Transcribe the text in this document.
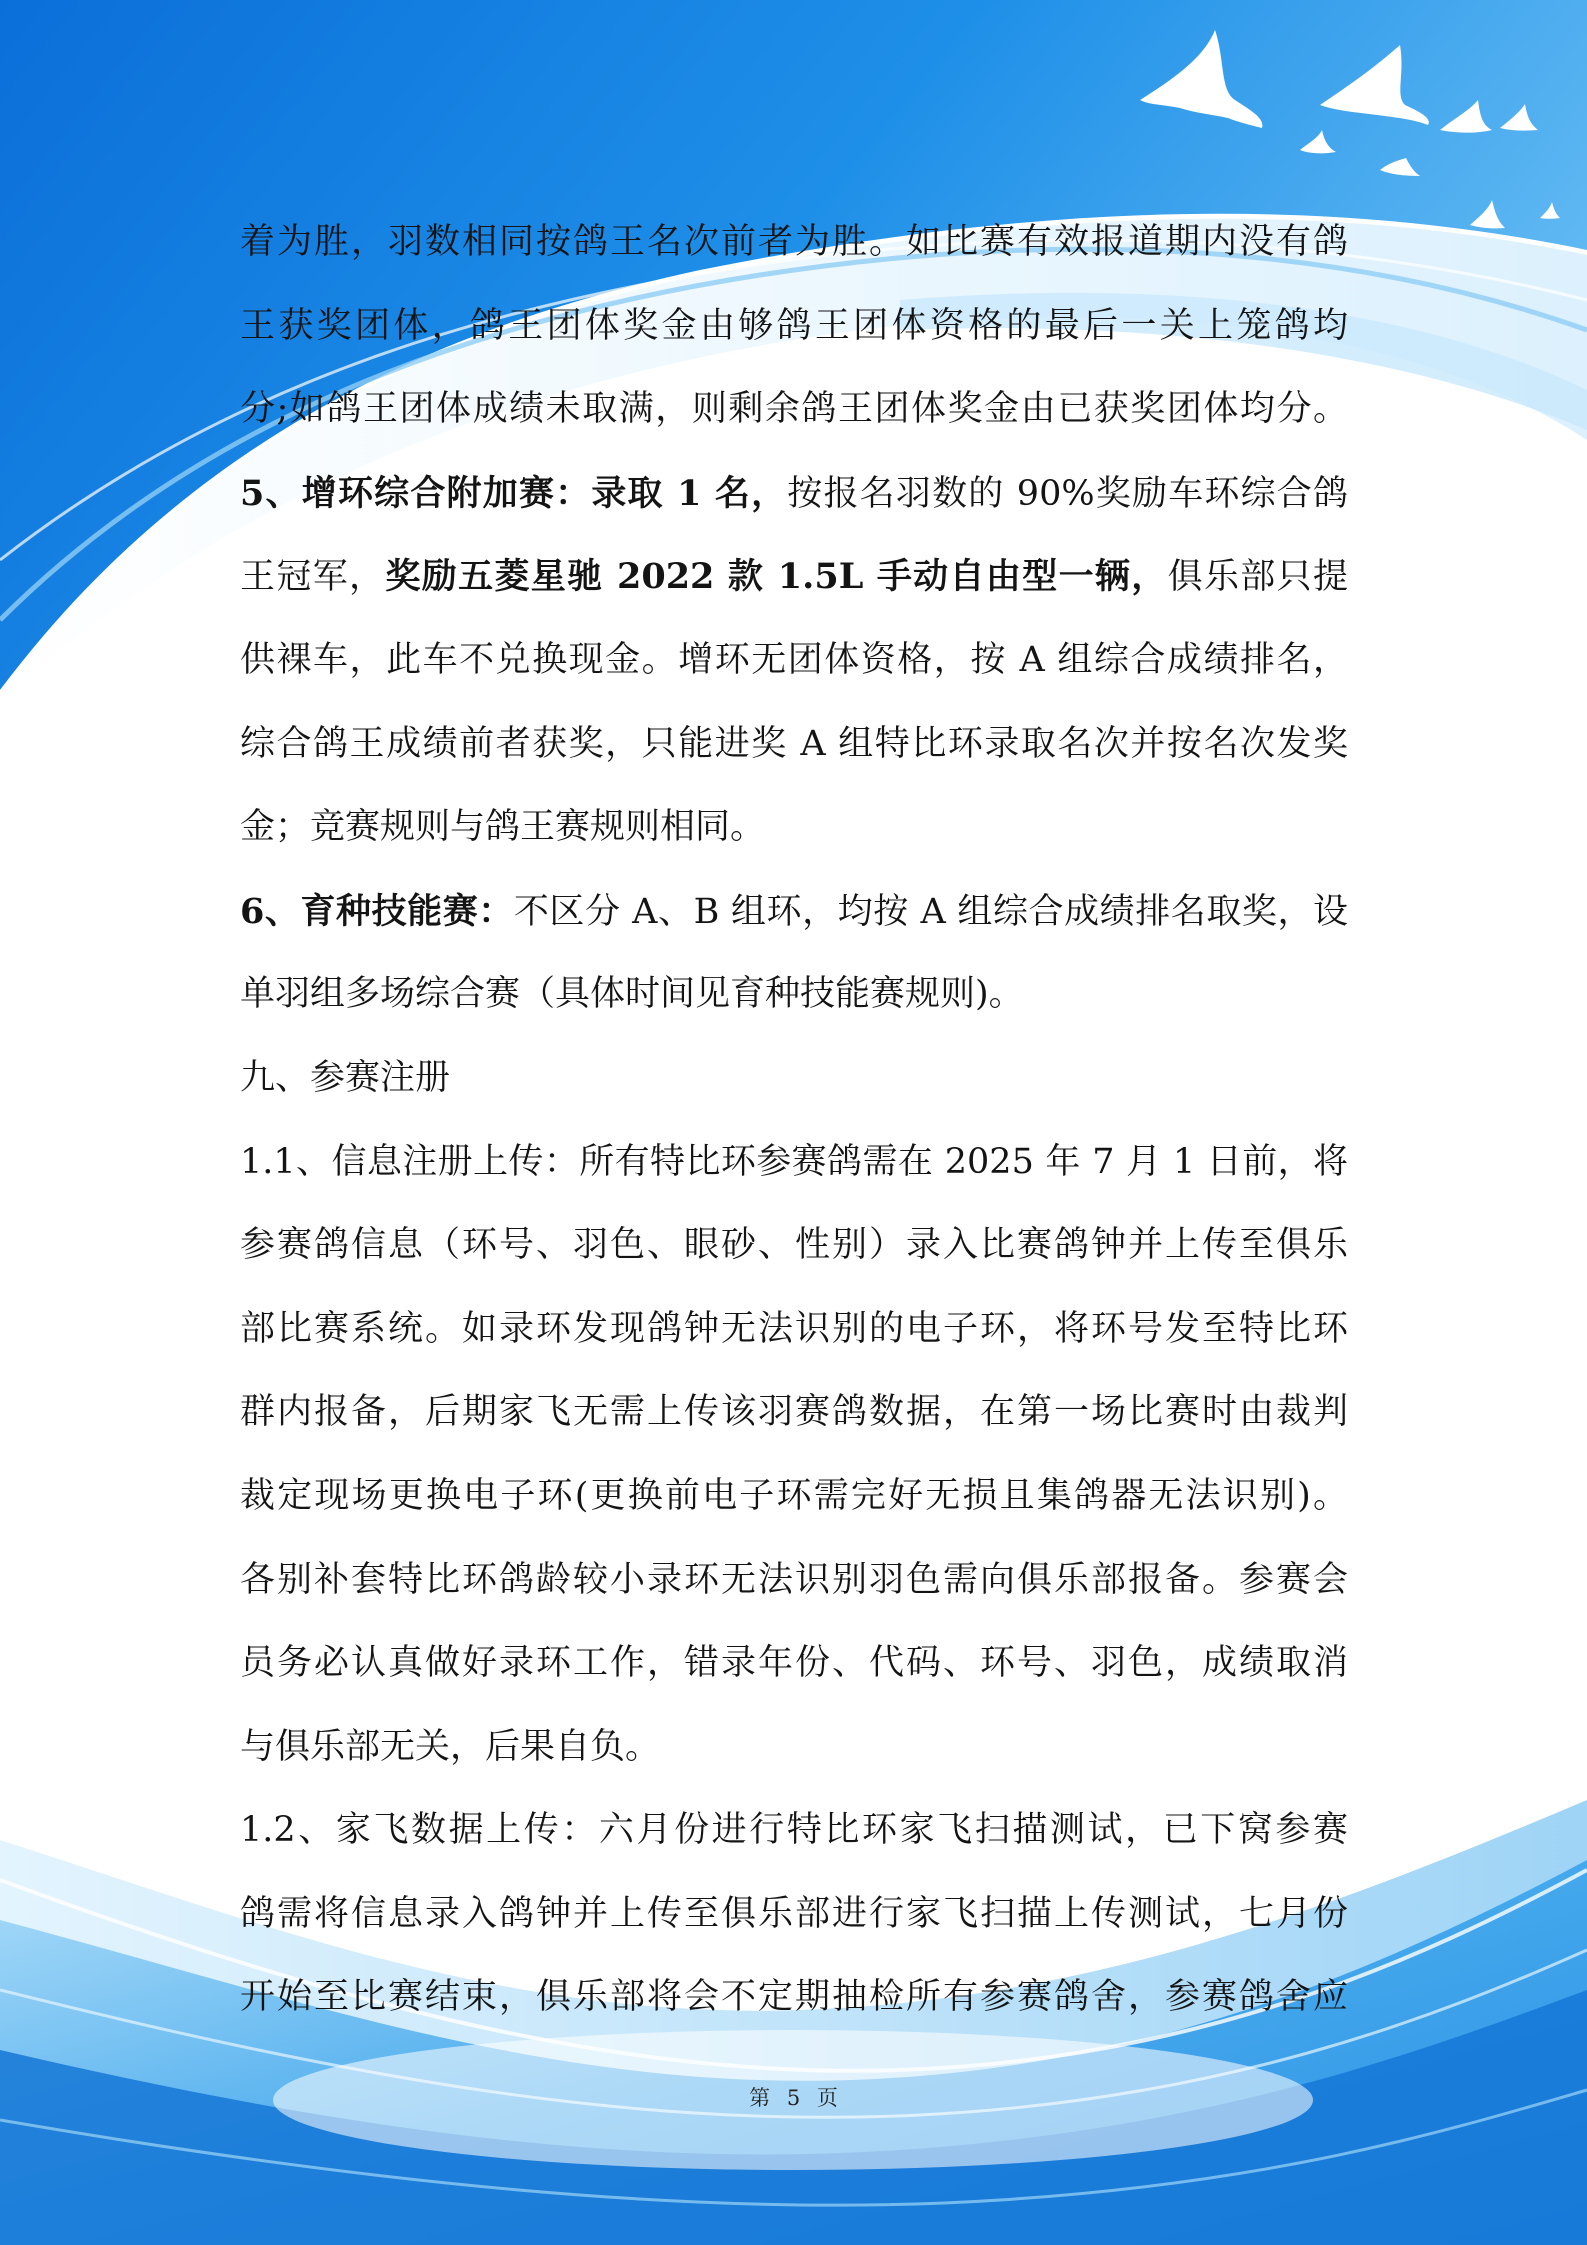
着为胜，羽数相同按鸽王名次前者为胜。如比赛有效报道期内没有鸽
王获奖团体，鸽王团体奖金由够鸽王团体资格的最后一关上笼鸽均
分;如鸽王团体成绩未取满，则剩余鸽王团体奖金由已获奖团体均分。
5、增环综合附加赛：录取 1 名，按报名羽数的 90%奖励车环综合鸽
王冠军，奖励五菱星驰 2022 款 1.5L 手动自由型一辆，俱乐部只提
供裸车，此车不兑换现金。增环无团体资格，按 A 组综合成绩排名，
综合鸽王成绩前者获奖，只能进奖 A 组特比环录取名次并按名次发奖
金；竞赛规则与鸽王赛规则相同。
6、育种技能赛：不区分 A、B 组环，均按 A 组综合成绩排名取奖，设
单羽组多场综合赛（具体时间见育种技能赛规则)。
九、参赛注册
1.1、信息注册上传：所有特比环参赛鸽需在 2025 年 7 月 1 日前，将
参赛鸽信息（环号、羽色、眼砂、性别）录入比赛鸽钟并上传至俱乐
部比赛系统。如录环发现鸽钟无法识别的电子环，将环号发至特比环
群内报备，后期家飞无需上传该羽赛鸽数据，在第一场比赛时由裁判
裁定现场更换电子环(更换前电子环需完好无损且集鸽器无法识别)。
各别补套特比环鸽龄较小录环无法识别羽色需向俱乐部报备。参赛会
员务必认真做好录环工作，错录年份、代码、环号、羽色，成绩取消
与俱乐部无关，后果自负。
1.2、家飞数据上传：六月份进行特比环家飞扫描测试，已下窝参赛
鸽需将信息录入鸽钟并上传至俱乐部进行家飞扫描上传测试，七月份
开始至比赛结束，俱乐部将会不定期抽检所有参赛鸽舍，参赛鸽舍应
第 5 页
